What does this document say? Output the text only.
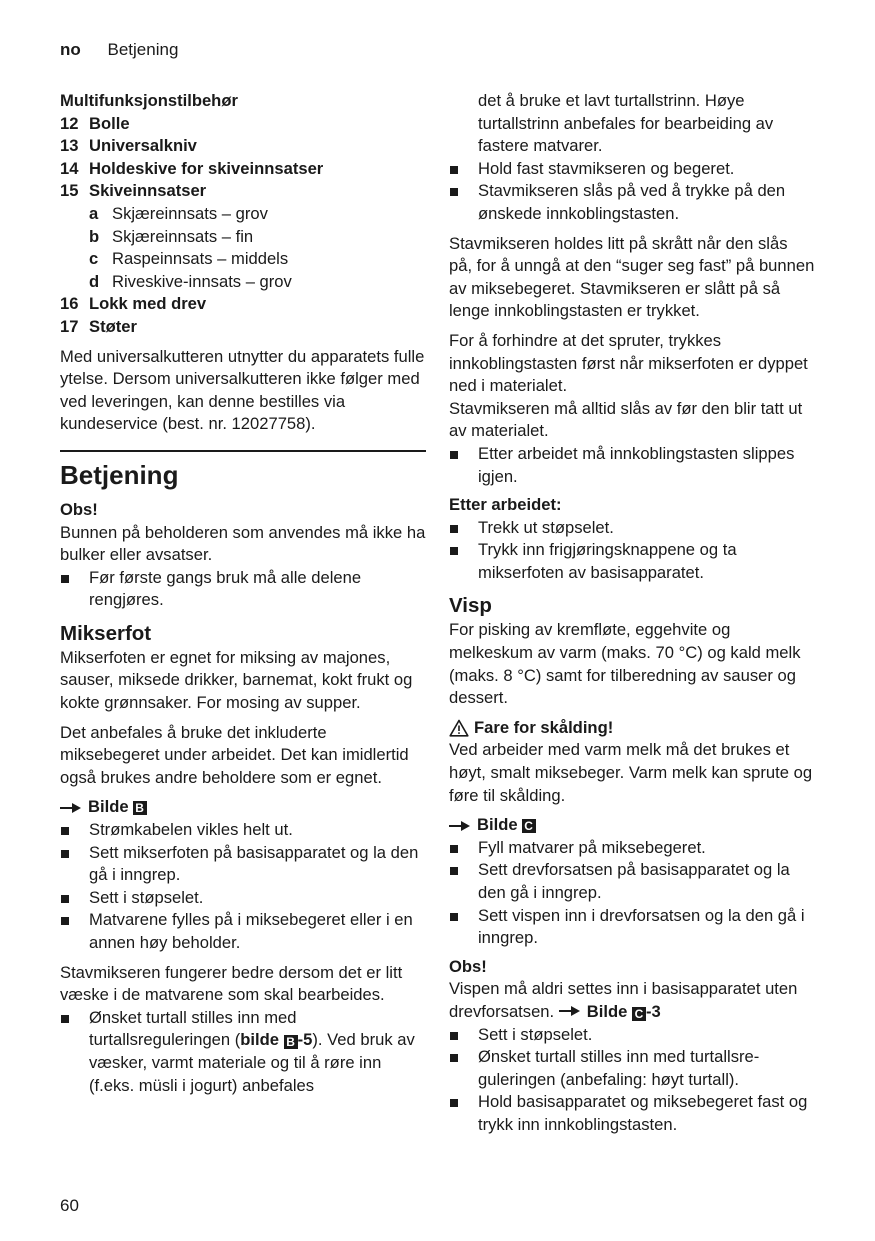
no Betjening

Multifunksjonstilbehør

12 Bolle
13 Universalkniv
14 Holdeskive for skiveinnsatser
15 Skiveinnsatser
a Skjæreinnsats – grov
b Skjæreinnsats – fin
c Raspeinnsats – middels
d Riveskive-innsats – grov
16 Lokk med drev
17 Støter

Med universalkutteren utnytter du apparatets fulle ytelse. Dersom universalkutteren ikke følger med ved leveringen, kan denne bestilles via kundeservice (best. nr. 12027758).

Betjening

Obs!

Bunnen på beholderen som anvendes må ikke ha bulker eller avsatser.

Før første gangs bruk må alle delene rengjøres.
Mikserfot

Mikserfoten er egnet for miksing av majones, sauser, miksede drikker, barnemat, kokt frukt og kokte grønnsaker. For mosing av supper.

Det anbefales å bruke det inkluderte miksebegeret under arbeidet. Det kan imidlertid også brukes andre beholdere som er egnet.

Bilde B
Strømkabelen vikles helt ut.
Sett mikserfoten på basisapparatet og la den gå i inngrep.
Sett i støpselet.
Matvarene fylles på i miksebegeret eller i en annen høy beholder.

Stavmikseren fungerer bedre dersom det er litt væske i de matvarene som skal bearbeides.

Ønsket turtall stilles inn med turtallsreguleringen (bilde B -5). Ved bruk av væsker, varmt materiale og til å røre inn (f.eks. müsli i jogurt) anbefales

det å bruke et lavt turtallstrinn. Høye turtallstrinn anbefales for bearbeiding av fastere matvarer.

Hold fast stavmikseren og begeret.
Stavmikseren slås på ved å trykke på den ønskede innkoblingstasten.

Stavmikseren holdes litt på skrått når den slås på, for å unngå at den “suger seg fast” på bunnen av miksebegeret. Stavmikseren er slått på så lenge innkoblingstasten er trykket.

For å forhindre at det spruter, trykkes innkoblingstasten først når mikserfoten er dyppet ned i materialet.

Stavmikseren må alltid slås av før den blir tatt ut av materialet.

Etter arbeidet må innkoblingstasten slippes igjen.

Etter arbeidet:

Trekk ut støpselet.
Trykk inn frigjøringsknappene og ta mikserfoten av basisapparatet.
Visp

For pisking av kremfløte, eggehvite og melkeskum av varm (maks. 70 °C) og kald melk (maks. 8 °C) samt for tilberedning av sauser og dessert.

Fare for skålding!

Ved arbeider med varm melk må det brukes et høyt, smalt miksebeger. Varm melk kan sprute og føre til skålding.

Bilde C
Fyll matvarer på miksebegeret.
Sett drevforsatsen på basisapparatet og la den gå i inngrep.
Sett vispen inn i drevforsatsen og la den gå i inngrep.

Obs!

Vispen må aldri settes inn i basisapparatet uten drevforsatsen. Bilde C -3

Sett i støpselet.
Ønsket turtall stilles inn med turtallsreguleringen (anbefaling: høyt turtall).
Hold basisapparatet og miksebegeret fast og trykk inn innkoblingstasten.
60
